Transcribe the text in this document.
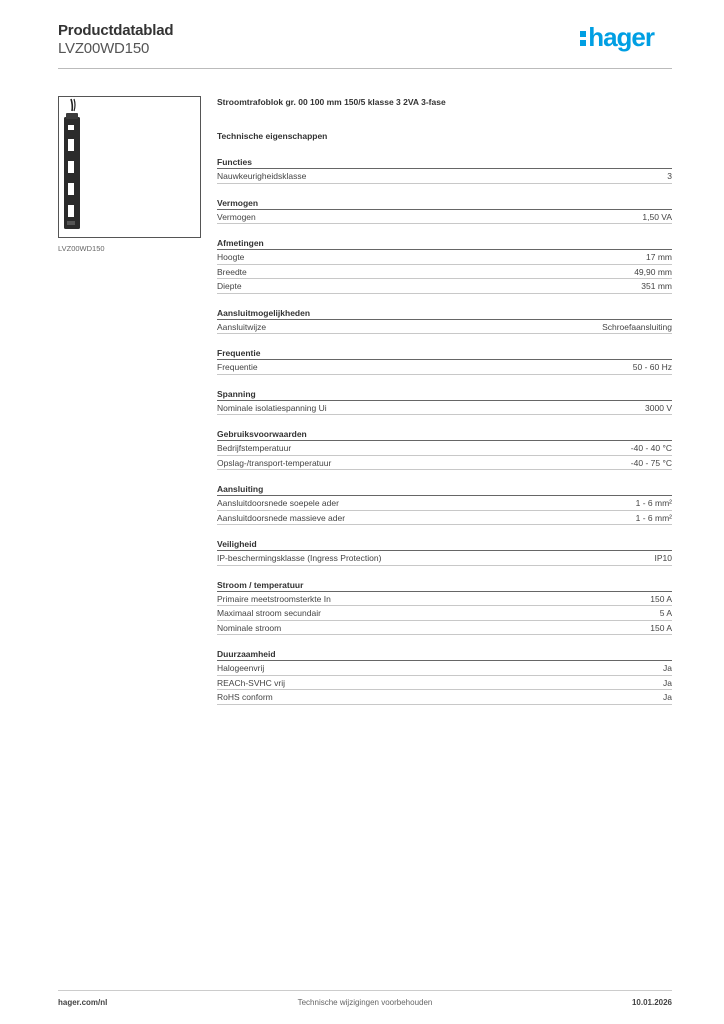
Productdatablad
LVZ00WD150	hager
LVZ00WD150
Stroomtrafoblok gr. 00 100 mm 150/5 klasse 3 2VA 3-fase
Technische eigenschappen
Functies
Nauwkeurigheidsklasse	3
Vermogen
Vermogen	1,50 VA
Afmetingen
Hoogte	17 mm
Breedte	49,90 mm
Diepte	351 mm
Aansluitmogelijkheden
Aansluitwijze	Schroefaansluiting
Frequentie
Frequentie	50 - 60 Hz
Spanning
Nominale isolatiespanning Ui	3000 V
Gebruiksvoorwaarden
Bedrijfstemperatuur	-40 - 40 °C
Opslag-/transport-temperatuur	-40 - 75 °C
Aansluiting
Aansluitdoorsnede soepele ader	1 - 6 mm²
Aansluitdoorsnede massieve ader	1 - 6 mm²
Veiligheid
IP-beschermingsklasse (Ingress Protection)	IP10
Stroom / temperatuur
Primaire meetstroomsterkte In	150 A
Maximaal stroom secundair	5 A
Nominale stroom	150 A
Duurzaamheid
Halogeenvrij	Ja
REACh-SVHC vrij	Ja
RoHS conform	Ja
hager.com/nl	Technische wijzigingen voorbehouden	10.01.2026
